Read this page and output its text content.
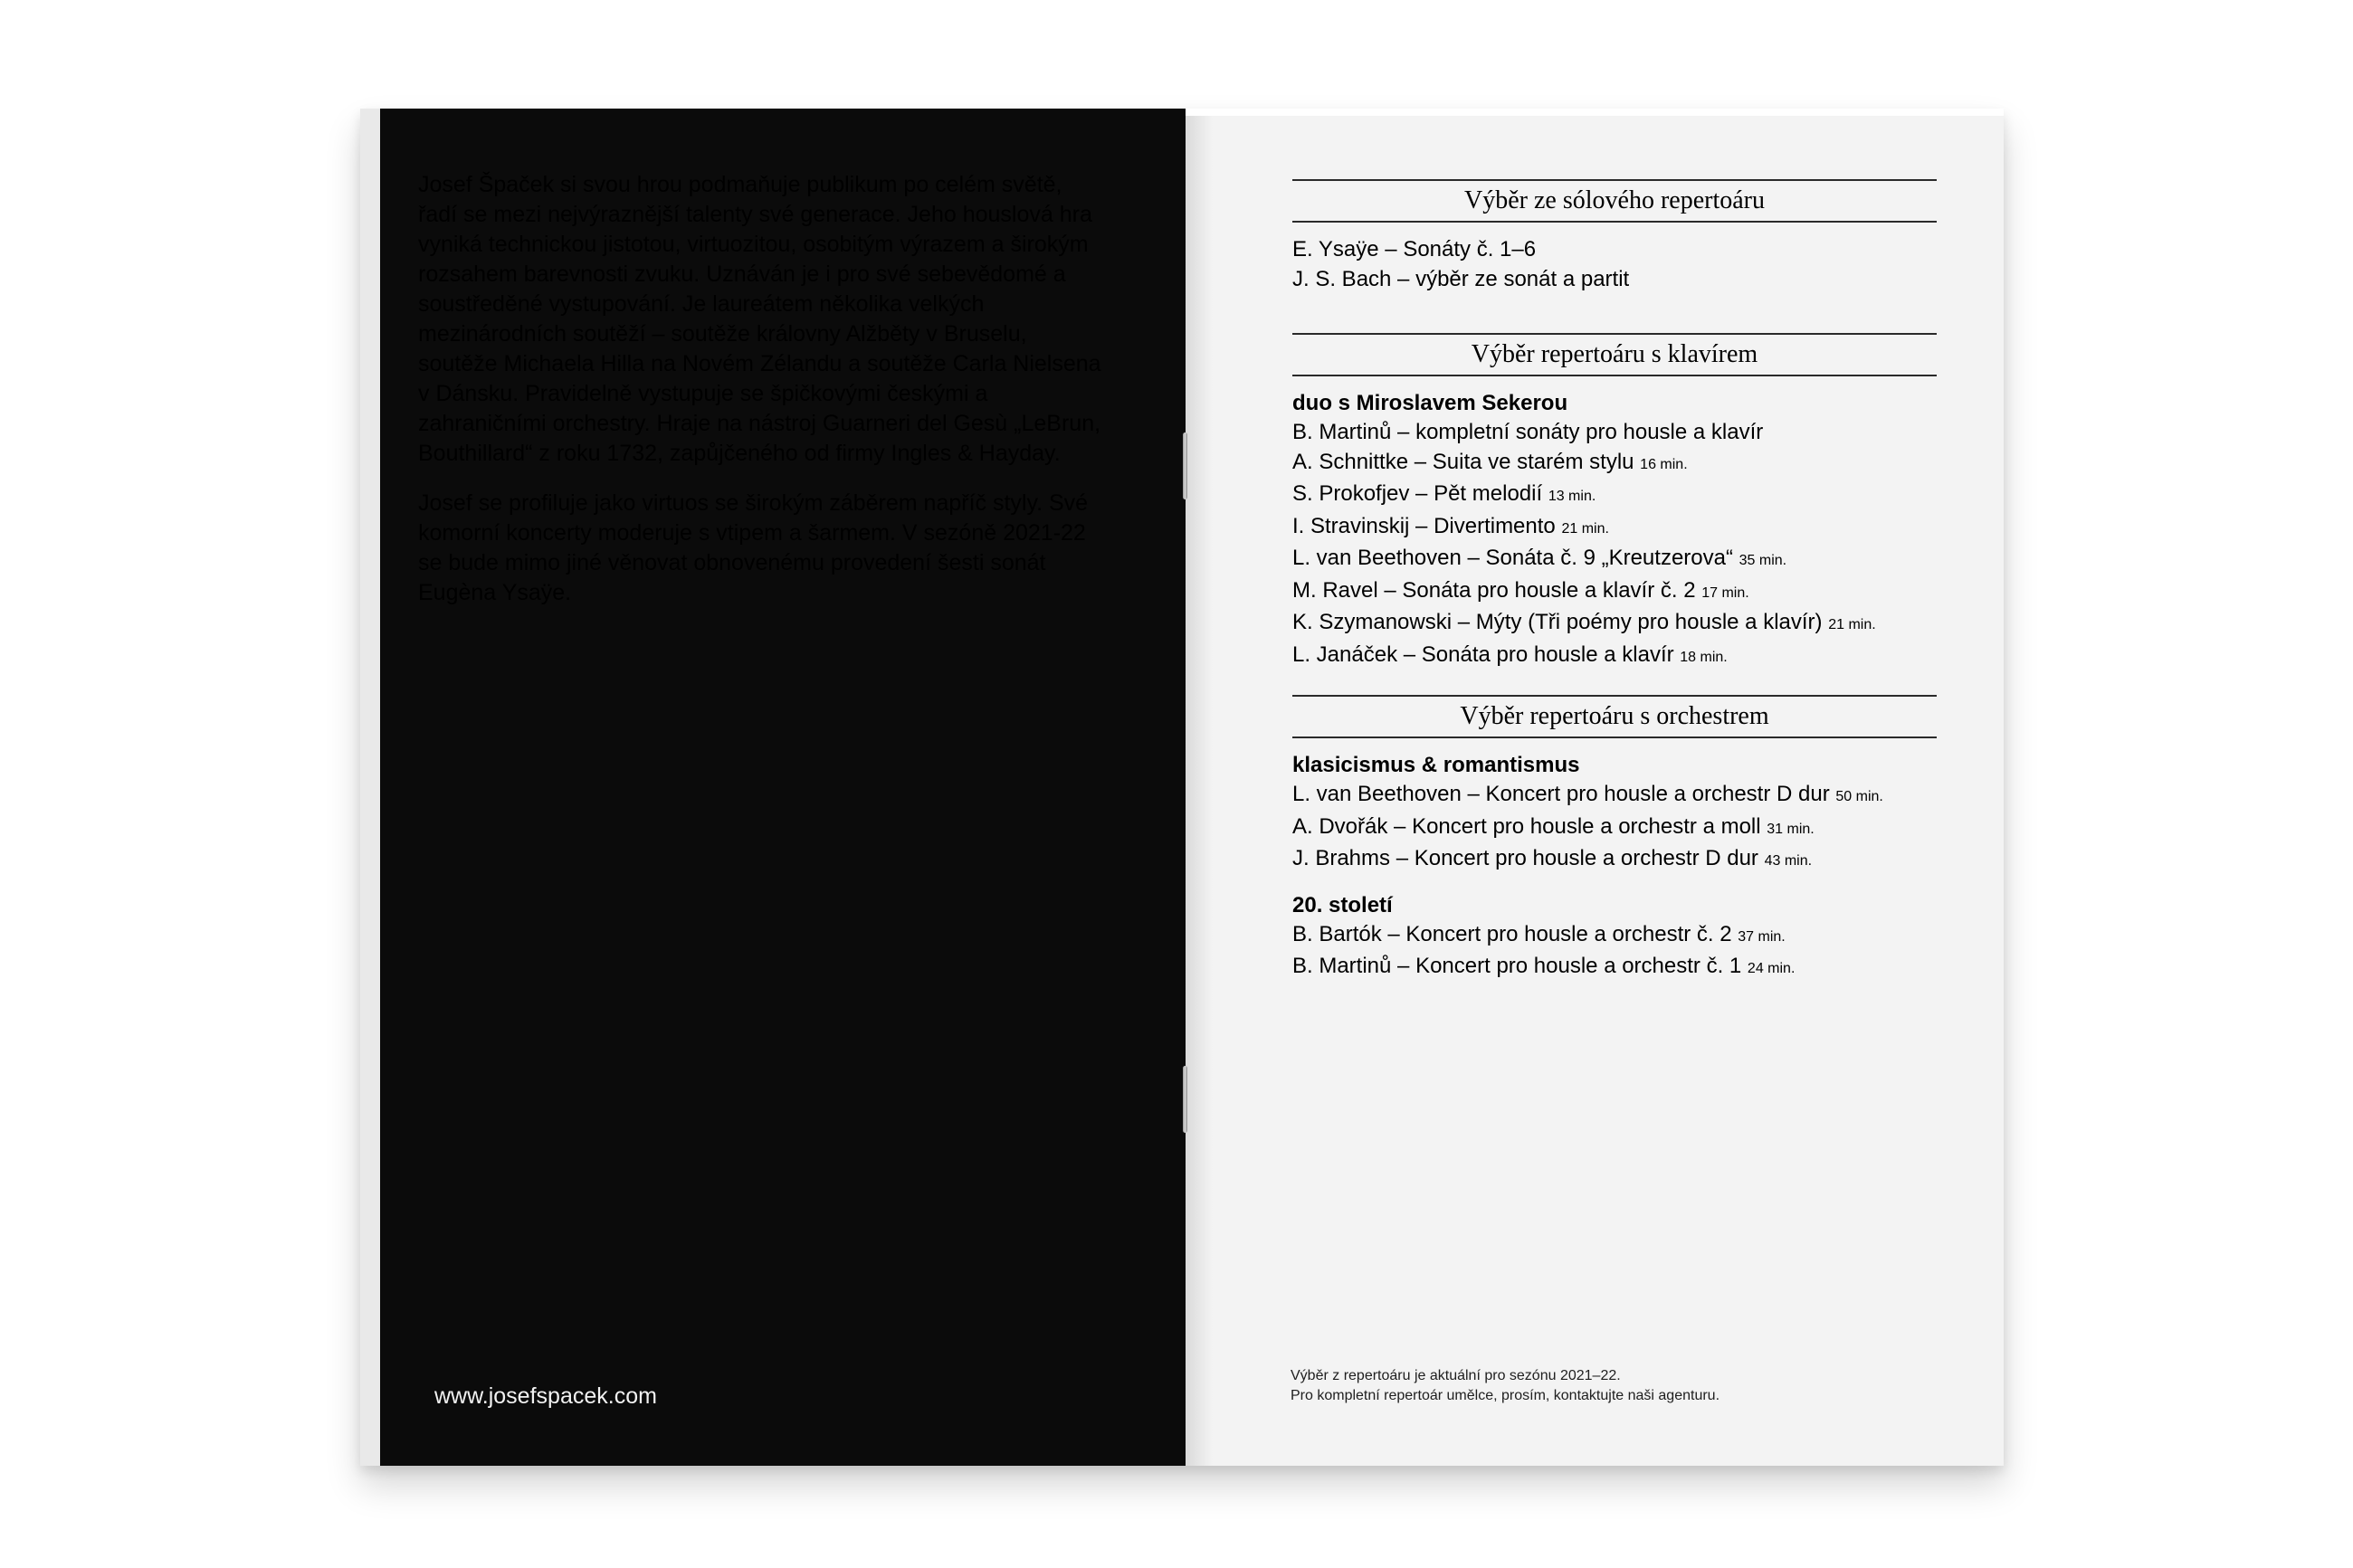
Josef Špaček si svou hrou podmaňuje publikum po celém světě, řadí se mezi nejvýraznější talenty své generace. Jeho houslová hra vyniká technickou jistotou, virtuozitou, osobitým výrazem a širokým rozsahem barevnosti zvuku. Uznáván je i pro své sebevědomé a soustředěné vystupování. Je laureátem několika velkých mezinárodních soutěží – soutěže královny Alžběty v Bruselu, soutěže Michaela Hilla na Novém Zélandu a soutěže Carla Nielsena v Dánsku. Pravidelně vystupuje se špičkovými českými a zahraničními orchestry. Hraje na nástroj Guarneri del Gesù „LeBrun, Bouthillard“ z roku 1732, zapůjčeného od firmy Ingles & Hayday.

Josef se profiluje jako virtuos se širokým záběrem napříč styly. Své komorní koncerty moderuje s vtipem a šarmem. V sezóně 2021-22 se bude mimo jiné věnovat obnovenému provedení šesti sonát Eugèna Ysaÿe.

www.josefspacek.com
Výběr ze sólového repertoáru
E. Ysaÿe – Sonáty č. 1–6
J. S. Bach – výběr ze sonát a partit
Výběr repertoáru s klavírem
duo s Miroslavem Sekerou
B. Martinů – kompletní sonáty pro housle a klavír
A. Schnittke – Suita ve starém stylu 16 min.
S. Prokofjev – Pět melodií 13 min.
I. Stravinskij – Divertimento 21 min.
L. van Beethoven – Sonáta č. 9 „Kreutzerova“ 35 min.
M. Ravel – Sonáta pro housle a klavír č. 2 17 min.
K. Szymanowski – Mýty (Tři poémy pro housle a klavír) 21 min.
L. Janáček – Sonáta pro housle a klavír 18 min.
Výběr repertoáru s orchestrem
klasicismus & romantismus
L. van Beethoven – Koncert pro housle a orchestr D dur 50 min.
A. Dvořák – Koncert pro housle a orchestr a moll 31 min.
J. Brahms – Koncert pro housle a orchestr D dur 43 min.
20. století
B. Bartók – Koncert pro housle a orchestr č. 2 37 min.
B. Martinů – Koncert pro housle a orchestr č. 1 24 min.
Výběr z repertoáru je aktuální pro sezónu 2021–22.
Pro kompletní repertoár umělce, prosím, kontaktujte naši agenturu.
